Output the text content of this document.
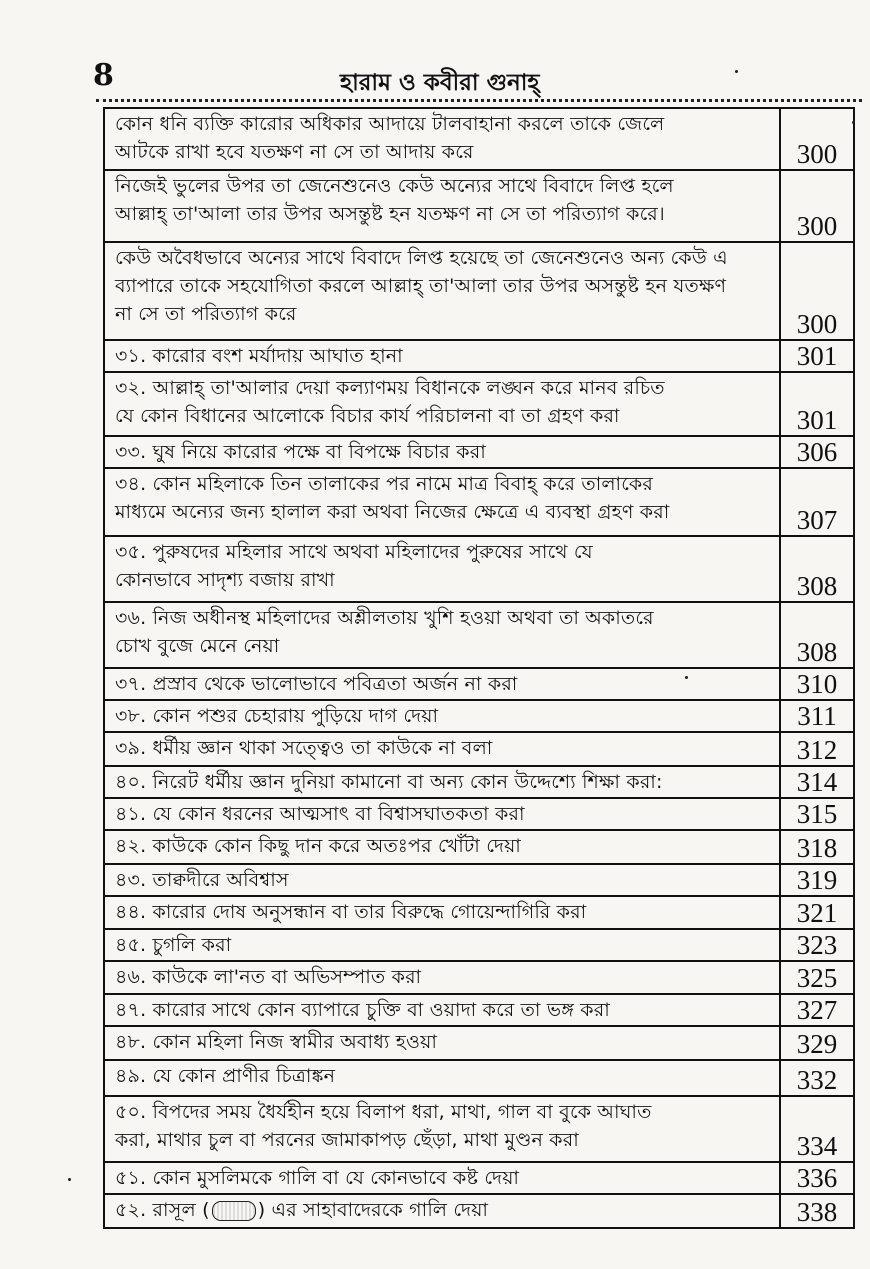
8	হারাম ও কবীরা গুনাহ্
কোন ধনি ব্যক্তি কারোর অধিকার আদায়ে টালবাহানা করলে তাকে জেলে
আটকে রাখা হবে যতক্ষণ না সে তা আদায় করে	300

নিজেই ভুলের উপর তা জেনেশুনেও কেউ অন্যের সাথে বিবাদে লিপ্ত হলে
আল্লাহ্ তা'আলা তার উপর অসন্তুষ্ট হন যতক্ষণ না সে তা পরিত্যাগ করে।	300

কেউ অবৈধভাবে অন্যের সাথে বিবাদে লিপ্ত হয়েছে তা জেনেশুনেও অন্য কেউ এ
ব্যাপারে তাকে সহযোগিতা করলে আল্লাহ্ তা'আলা তার উপর অসন্তুষ্ট হন যতক্ষণ
না সে তা পরিত্যাগ করে	300

৩১. কারোর বংশ মর্যাদায় আঘাত হানা	301

৩২. আল্লাহ্ তা'আলার দেয়া কল্যাণময় বিধানকে লঙ্ঘন করে মানব রচিত
যে কোন বিধানের আলোকে বিচার কার্য পরিচালনা বা তা গ্রহণ করা	301

৩৩. ঘুষ নিয়ে কারোর পক্ষে বা বিপক্ষে বিচার করা	306

৩৪. কোন মহিলাকে তিন তালাকের পর নামে মাত্র বিবাহ্ করে তালাকের
মাধ্যমে অন্যের জন্য হালাল করা অথবা নিজের ক্ষেত্রে এ ব্যবস্থা গ্রহণ করা	307

৩৫. পুরুষদের মহিলার সাথে অথবা মহিলাদের পুরুষের সাথে যে
কোনভাবে সাদৃশ্য বজায় রাখা	308

৩৬. নিজ অধীনস্থ মহিলাদের অশ্লীলতায় খুশি হওয়া অথবা তা অকাতরে
চোখ বুজে মেনে নেয়া	308

৩৭. প্রস্রাব থেকে ভালোভাবে পবিত্রতা অর্জন না করা	310

৩৮. কোন পশুর চেহারায় পুড়িয়ে দাগ দেয়া	311

৩৯. ধর্মীয় জ্ঞান থাকা সত্ত্বেও তা কাউকে না বলা	312

৪০. নিরেট ধর্মীয় জ্ঞান দুনিয়া কামানো বা অন্য কোন উদ্দেশ্যে শিক্ষা করা:	314

৪১. যে কোন ধরনের আত্মসাৎ বা বিশ্বাসঘাতকতা করা	315

৪২. কাউকে কোন কিছু দান করে অতঃপর খোঁটা দেয়া	318

৪৩. তাক্বদীরে অবিশ্বাস	319

৪৪. কারোর দোষ অনুসন্ধান বা তার বিরুদ্ধে গোয়েন্দাগিরি করা	321

৪৫. চুগলি করা	323

৪৬. কাউকে লা'নত বা অভিসম্পাত করা	325

৪৭. কারোর সাথে কোন ব্যাপারে চুক্তি বা ওয়াদা করে তা ভঙ্গ করা	327

৪৮. কোন মহিলা নিজ স্বামীর অবাধ্য হওয়া	329

৪৯. যে কোন প্রাণীর চিত্রাঙ্কন	332

৫০. বিপদের সময় ধৈর্যহীন হয়ে বিলাপ ধরা, মাথা, গাল বা বুকে আঘাত
করা, মাথার চুল বা পরনের জামাকাপড় ছেঁড়া, মাথা মুণ্ডন করা	334

৫১. কোন মুসলিমকে গালি বা যে কোনভাবে কষ্ট দেয়া	336

৫২. রাসূল ( ) এর সাহাবাদেরকে গালি দেয়া	338
